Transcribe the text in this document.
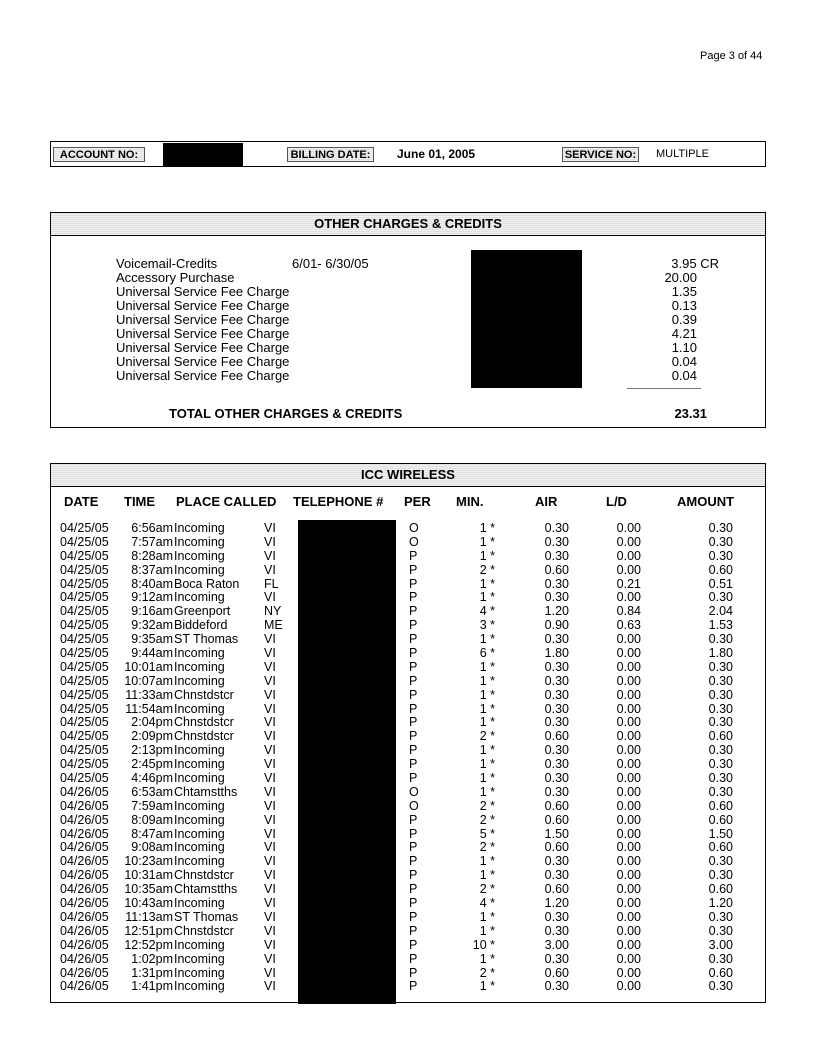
Page 3 of 44
ACCOUNT NO:	BILLING DATE: June 01, 2005	SERVICE NO: MULTIPLE
OTHER CHARGES & CREDITS
Voicemail-Credits	6/01- 6/30/05	3.95 CR
Accessory Purchase	20.00
Universal Service Fee Charge	1.35
Universal Service Fee Charge	0.13
Universal Service Fee Charge	0.39
Universal Service Fee Charge	4.21
Universal Service Fee Charge	1.10
Universal Service Fee Charge	0.04
Universal Service Fee Charge	0.04
TOTAL OTHER CHARGES & CREDITS	23.31
ICC WIRELESS
DATE TIME PLACE CALLED TELEPHONE # PER MIN.	AIR	L/D	AMOUNT
04/25/05	6:56am Incoming	VI	O	1 *	0.30	0.00	0.30
04/25/05	7:57am Incoming	VI	O	1 *	0.30	0.00	0.30
04/25/05	8:28am Incoming	VI	P	1 *	0.30	0.00	0.30
04/25/05	8:37am Incoming	VI	P	2 *	0.60	0.00	0.60
04/25/05	8:40am Boca Raton	FL	P	1 *	0.30	0.21	0.51
04/25/05	9:12am Incoming	VI	P	1 *	0.30	0.00	0.30
04/25/05	9:16am Greenport	NY	P	4 *	1.20	0.84	2.04
04/25/05	9:32am Biddeford	ME	P	3 *	0.90	0.63	1.53
04/25/05	9:35am ST Thomas	VI	P	1 *	0.30	0.00	0.30
04/25/05	9:44am Incoming	VI	P	6 *	1.80	0.00	1.80
04/25/05	10:01am Incoming	VI	P	1 *	0.30	0.00	0.30
04/25/05	10:07am Incoming	VI	P	1 *	0.30	0.00	0.30
04/25/05	11:33am Chnstdstcr	VI	P	1 *	0.30	0.00	0.30
04/25/05	11:54am Incoming	VI	P	1 *	0.30	0.00	0.30
04/25/05	2:04pm Chnstdstcr	VI	P	1 *	0.30	0.00	0.30
04/25/05	2:09pm Chnstdstcr	VI	P	2 *	0.60	0.00	0.60
04/25/05	2:13pm Incoming	VI	P	1 *	0.30	0.00	0.30
04/25/05	2:45pm Incoming	VI	P	1 *	0.30	0.00	0.30
04/25/05	4:46pm Incoming	VI	P	1 *	0.30	0.00	0.30
04/26/05	6:53am Chtamstths	VI	O	1 *	0.30	0.00	0.30
04/26/05	7:59am Incoming	VI	O	2 *	0.60	0.00	0.60
04/26/05	8:09am Incoming	VI	P	2 *	0.60	0.00	0.60
04/26/05	8:47am Incoming	VI	P	5 *	1.50	0.00	1.50
04/26/05	9:08am Incoming	VI	P	2 *	0.60	0.00	0.60
04/26/05	10:23am Incoming	VI	P	1 *	0.30	0.00	0.30
04/26/05	10:31am Chnstdstcr	VI	P	1 *	0.30	0.00	0.30
04/26/05	10:35am Chtamstths	VI	P	2 *	0.60	0.00	0.60
04/26/05	10:43am Incoming	VI	P	4 *	1.20	0.00	1.20
04/26/05	11:13am ST Thomas	VI	P	1 *	0.30	0.00	0.30
04/26/05	12:51pm Chnstdstcr	VI	P	1 *	0.30	0.00	0.30
04/26/05	12:52pm Incoming	VI	P	10 *	3.00	0.00	3.00
04/26/05	1:02pm Incoming	VI	P	1 *	0.30	0.00	0.30
04/26/05	1:31pm Incoming	VI	P	2 *	0.60	0.00	0.60
04/26/05	1:41pm Incoming	VI	P	1 *	0.30	0.00	0.30
